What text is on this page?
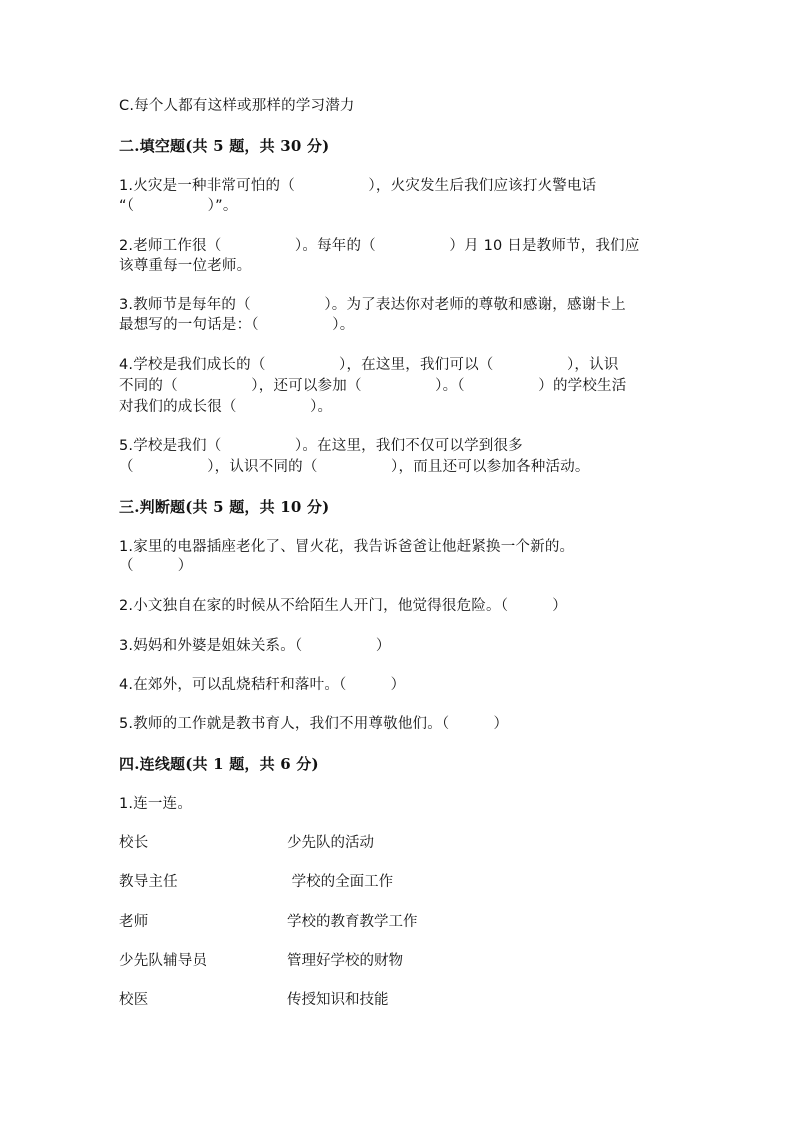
C.每个人都有这样或那样的学习潜力
二.填空题(共 5 题，共 30 分)
1.火灾是一种非常可怕的（　　　　　），火灾发生后我们应该打火警电话
“（　　　　　）”。
2.老师工作很（　　　　　）。每年的（　　　　　）月 10 日是教师节，我们应
该尊重每一位老师。
3.教师节是每年的（　　　　　）。为了表达你对老师的尊敬和感谢，感谢卡上
最想写的一句话是：（　　　　　）。
4.学校是我们成长的（　　　　　），在这里，我们可以（　　　　　），认识
不同的（　　　　　），还可以参加（　　　　　）。（　　　　　）的学校生活
对我们的成长很（　　　　　）。
5.学校是我们（　　　　　）。在这里，我们不仅可以学到很多
（　　　　　），认识不同的（　　　　　），而且还可以参加各种活动。
三.判断题(共 5 题，共 10 分)
1.家里的电器插座老化了、冒火花，我告诉爸爸让他赶紧换一个新的。
（　　　）
2.小文独自在家的时候从不给陌生人开门，他觉得很危险。（　　　）
3.妈妈和外婆是姐妹关系。（　　　　　）
4.在郊外，可以乱烧秸秆和落叶。（　　　）
5.教师的工作就是教书育人，我们不用尊敬他们。（　　　）
四.连线题(共 1 题，共 6 分)
1.连一连。
校长	少先队的活动
教导主任	学校的全面工作
老师	学校的教育教学工作
少先队辅导员	管理好学校的财物
校医	传授知识和技能
